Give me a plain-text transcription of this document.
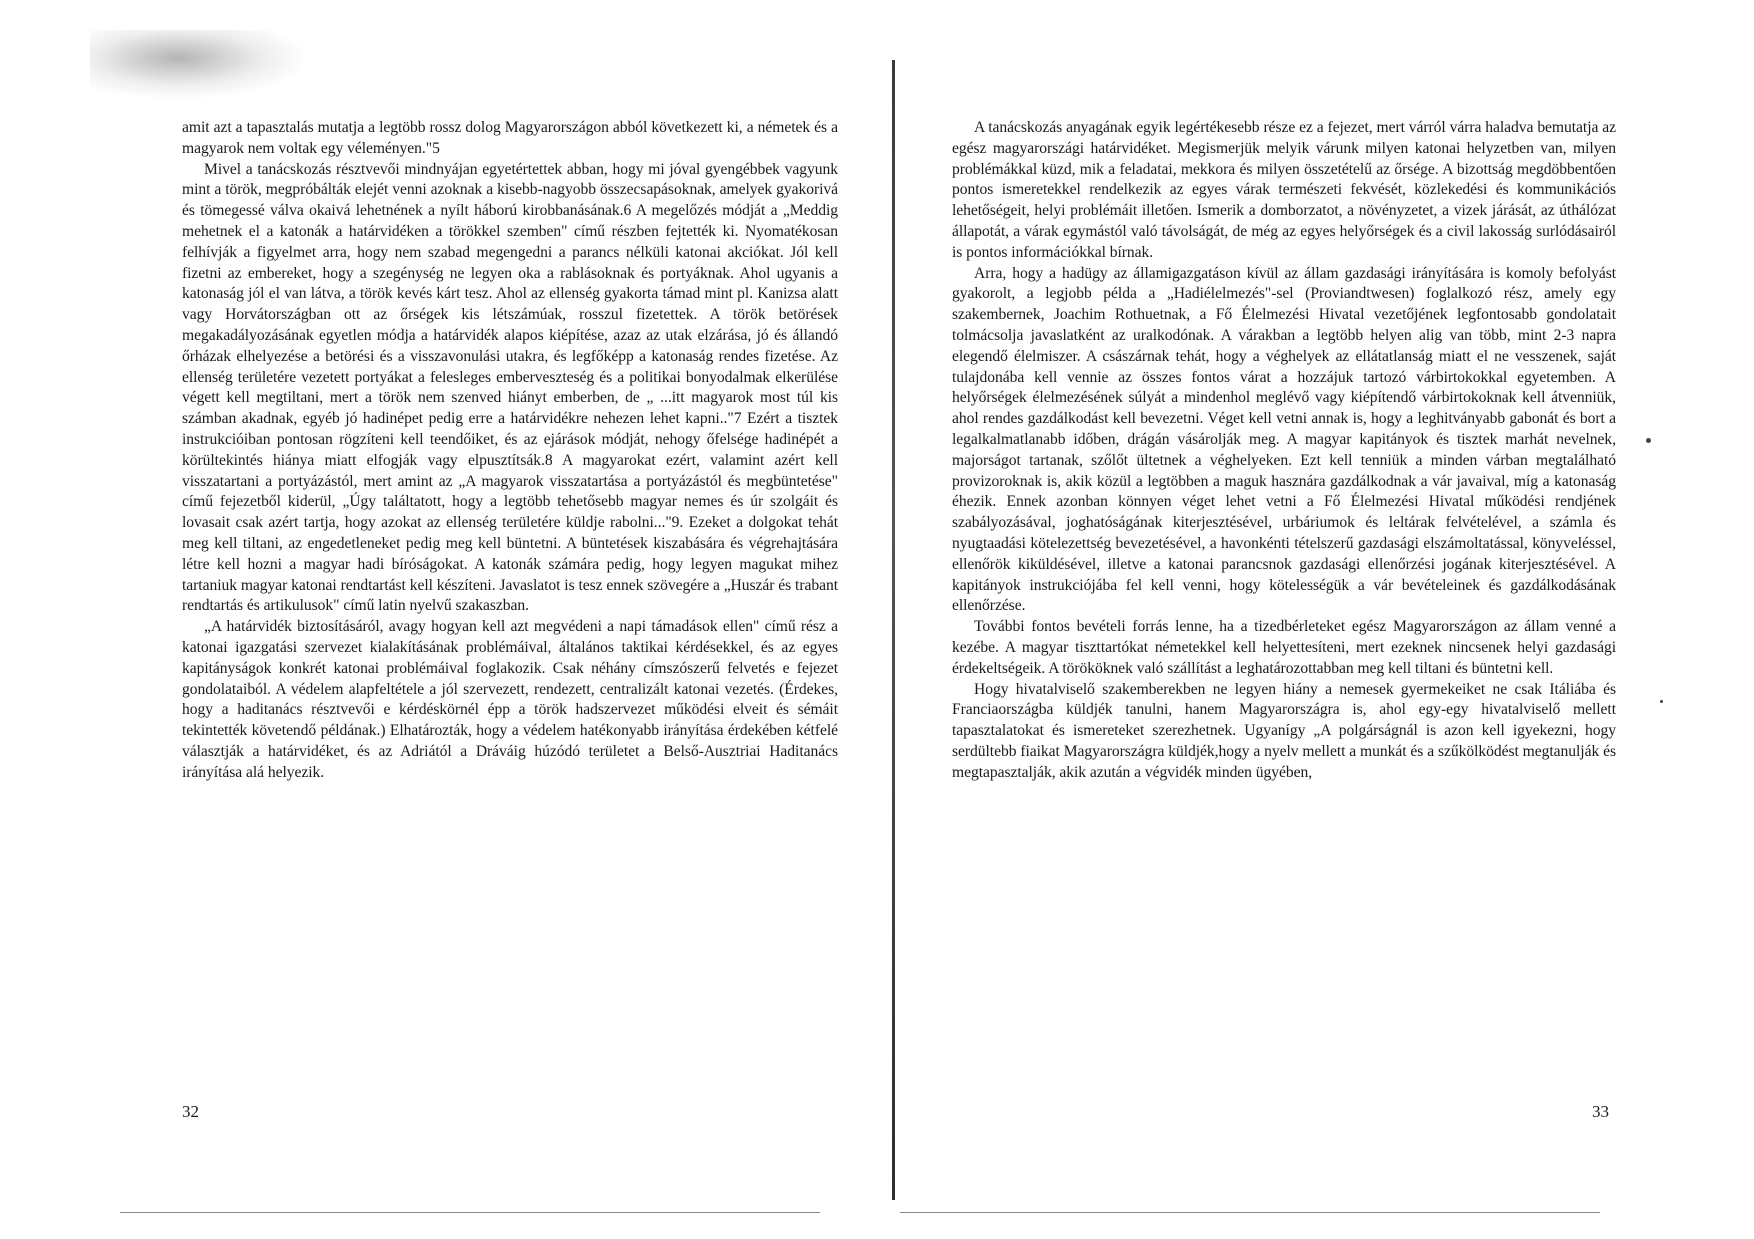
amit azt a tapasztalás mutatja a legtöbb rossz dolog Magyarországon abból következett ki, a németek és a magyarok nem voltak egy véleményen."5

Mivel a tanácskozás résztvevői mindnyájan egyetértettek abban, hogy mi jóval gyengébbek vagyunk mint a török, megpróbálták elejét venni azoknak a kisebb-nagyobb összecsapásoknak, amelyek gyakorivá és tömegessé válva okaivá lehetnének a nyílt háború kirobbanásának.6 A megelőzés módját a „Meddig mehetnek el a katonák a határvidéken a törökkel szemben" című részben fejtették ki. Nyomatékosan felhívják a figyelmet arra, hogy nem szabad megengedni a parancs nélküli katonai akciókat. Jól kell fizetni az embereket, hogy a szegénység ne legyen oka a rablásoknak és portyáknak. Ahol ugyanis a katonaság jól el van látva, a török kevés kárt tesz. Ahol az ellenség gyakorta támad mint pl. Kanizsa alatt vagy Horvátországban ott az őrségek kis létszámúak, rosszul fizetettek. A török betörések megakadályozásának egyetlen módja a határvidék alapos kiépítése, azaz az utak elzárása, jó és állandó őrházak elhelyezése a betörési és a visszavonulási utakra, és legfőképp a katonaság rendes fizetése. Az ellenség területére vezetett portyákat a felesleges emberveszteség és a politikai bonyodalmak elkerülése végett kell megtiltani, mert a török nem szenved hiányt emberben, de „ ...itt magyarok most túl kis számban akadnak, egyéb jó hadinépet pedig erre a határvidékre nehezen lehet kapni.."7 Ezért a tisztek instrukcióiban pontosan rögzíteni kell teendőiket, és az ejárások módját, nehogy őfelsége hadinépét a körültekintés hiánya miatt elfogják vagy elpusztítsák.8 A magyarokat ezért, valamint azért kell visszatartani a portyázástól, mert amint az „A magyarok visszatartása a portyázástól és megbüntetése" című fejezetből kiderül, „Úgy találtatott, hogy a legtöbb tehetősebb magyar nemes és úr szolgáit és lovasait csak azért tartja, hogy azokat az ellenség területére küldje rabolni..."9. Ezeket a dolgokat tehát meg kell tiltani, az engedetleneket pedig meg kell büntetni. A büntetések kiszabására és végrehajtására létre kell hozni a magyar hadi bíróságokat. A katonák számára pedig, hogy legyen magukat mihez tartaniuk magyar katonai rendtartást kell készíteni. Javaslatot is tesz ennek szövegére a „Huszár és trabant rendtartás és artikulusok" című latin nyelvű szakaszban.

„A határvidék biztosításáról, avagy hogyan kell azt megvédeni a napi támadások ellen" című rész a katonai igazgatási szervezet kialakításának problémáival, általános taktikai kérdésekkel, és az egyes kapitányságok konkrét katonai problémáival foglakozik. Csak néhány címszószerű felvetés e fejezet gondolataiból. A védelem alapfeltétele a jól szervezett, rendezett, centralizált katonai vezetés. (Érdekes, hogy a haditanács résztvevői e kérdéskörnél épp a török hadszervezet működési elveit és sémáit tekintették követendő példának.) Elhatározták, hogy a védelem hatékonyabb irányítása érdekében kétfelé választják a határvidéket, és az Adriától a Dráváig húzódó területet a Belső-Ausztriai Haditanács irányítása alá helyezik.

32

A tanácskozás anyagának egyik legértékesebb része ez a fejezet, mert várról várra haladva bemutatja az egész magyarországi határvidéket. Megismerjük melyik várunk milyen katonai helyzetben van, milyen problémákkal küzd, mik a feladatai, mekkora és milyen összetételű az őrsége. A bizottság megdöbbentően pontos ismeretekkel rendelkezik az egyes várak természeti fekvését, közlekedési és kommunikációs lehetőségeit, helyi problémáit illetően. Ismerik a domborzatot, a növényzetet, a vizek járását, az úthálózat állapotát, a várak egymástól való távolságát, de még az egyes helyőrségek és a civil lakosság surlódásairól is pontos információkkal bírnak.

Arra, hogy a hadügy az államigazgatáson kívül az állam gazdasági irányítására is komoly befolyást gyakorolt, a legjobb példa a „Hadiélelmezés"-sel (Proviandtwesen) foglalkozó rész, amely egy szakembernek, Joachim Rothuetnak, a Fő Élelmezési Hivatal vezetőjének legfontosabb gondolatait tolmácsolja javaslatként az uralkodónak. A várakban a legtöbb helyen alig van több, mint 2-3 napra elegendő élelmiszer. A császárnak tehát, hogy a véghelyek az ellátatlanság miatt el ne vesszenek, saját tulajdonába kell vennie az összes fontos várat a hozzájuk tartozó várbirtokokkal egyetemben. A helyőrségek élelmezésének súlyát a mindenhol meglévő vagy kiépítendő várbirtokoknak kell átvenniük, ahol rendes gazdálkodást kell bevezetni. Véget kell vetni annak is, hogy a leghitványabb gabonát és bort a legalkalmatlanabb időben, drágán vásárolják meg. A magyar kapitányok és tisztek marhát nevelnek, majorságot tartanak, szőlőt ültetnek a véghelyeken. Ezt kell tenniük a minden várban megtalálható provizoroknak is, akik közül a legtöbben a maguk hasznára gazdálkodnak a vár javaival, míg a katonaság éhezik. Ennek azonban könnyen véget lehet vetni a Fő Élelmezési Hivatal működési rendjének szabályozásával, joghatóságának kiterjesztésével, urbáriumok és leltárak felvételével, a számla és nyugtaadási kötelezettség bevezetésével, a havonkénti tételszerű gazdasági elszámoltatással, könyveléssel, ellenőrök kiküldésével, illetve a katonai parancsnok gazdasági ellenőrzési jogának kiterjesztésével. A kapitányok instrukciójába fel kell venni, hogy kötelességük a vár bevételeinek és gazdálkodásának ellenőrzése.

További fontos bevételi forrás lenne, ha a tizedbérleteket egész Magyarországon az állam venné a kezébe. A magyar tiszttartókat németekkel kell helyettesíteni, mert ezeknek nincsenek helyi gazdasági érdekeltségeik. A törököknek való szállítást a leghatározottabban meg kell tiltani és büntetni kell.

Hogy hivatalviselő szakemberekben ne legyen hiány a nemesek gyermekeiket ne csak Itáliába és Franciaországba küldjék tanulni, hanem Magyarországra is, ahol egy-egy hivatalviselő mellett tapasztalatokat és ismereteket szerezhetnek. Ugyanígy „A polgárságnál is azon kell igyekezni, hogy serdültebb fiaikat Magyarországra küldjék,hogy a nyelv mellett a munkát és a szűkölködést megtanulják és megtapasztalják, akik azután a végvidék minden ügyében,

33
